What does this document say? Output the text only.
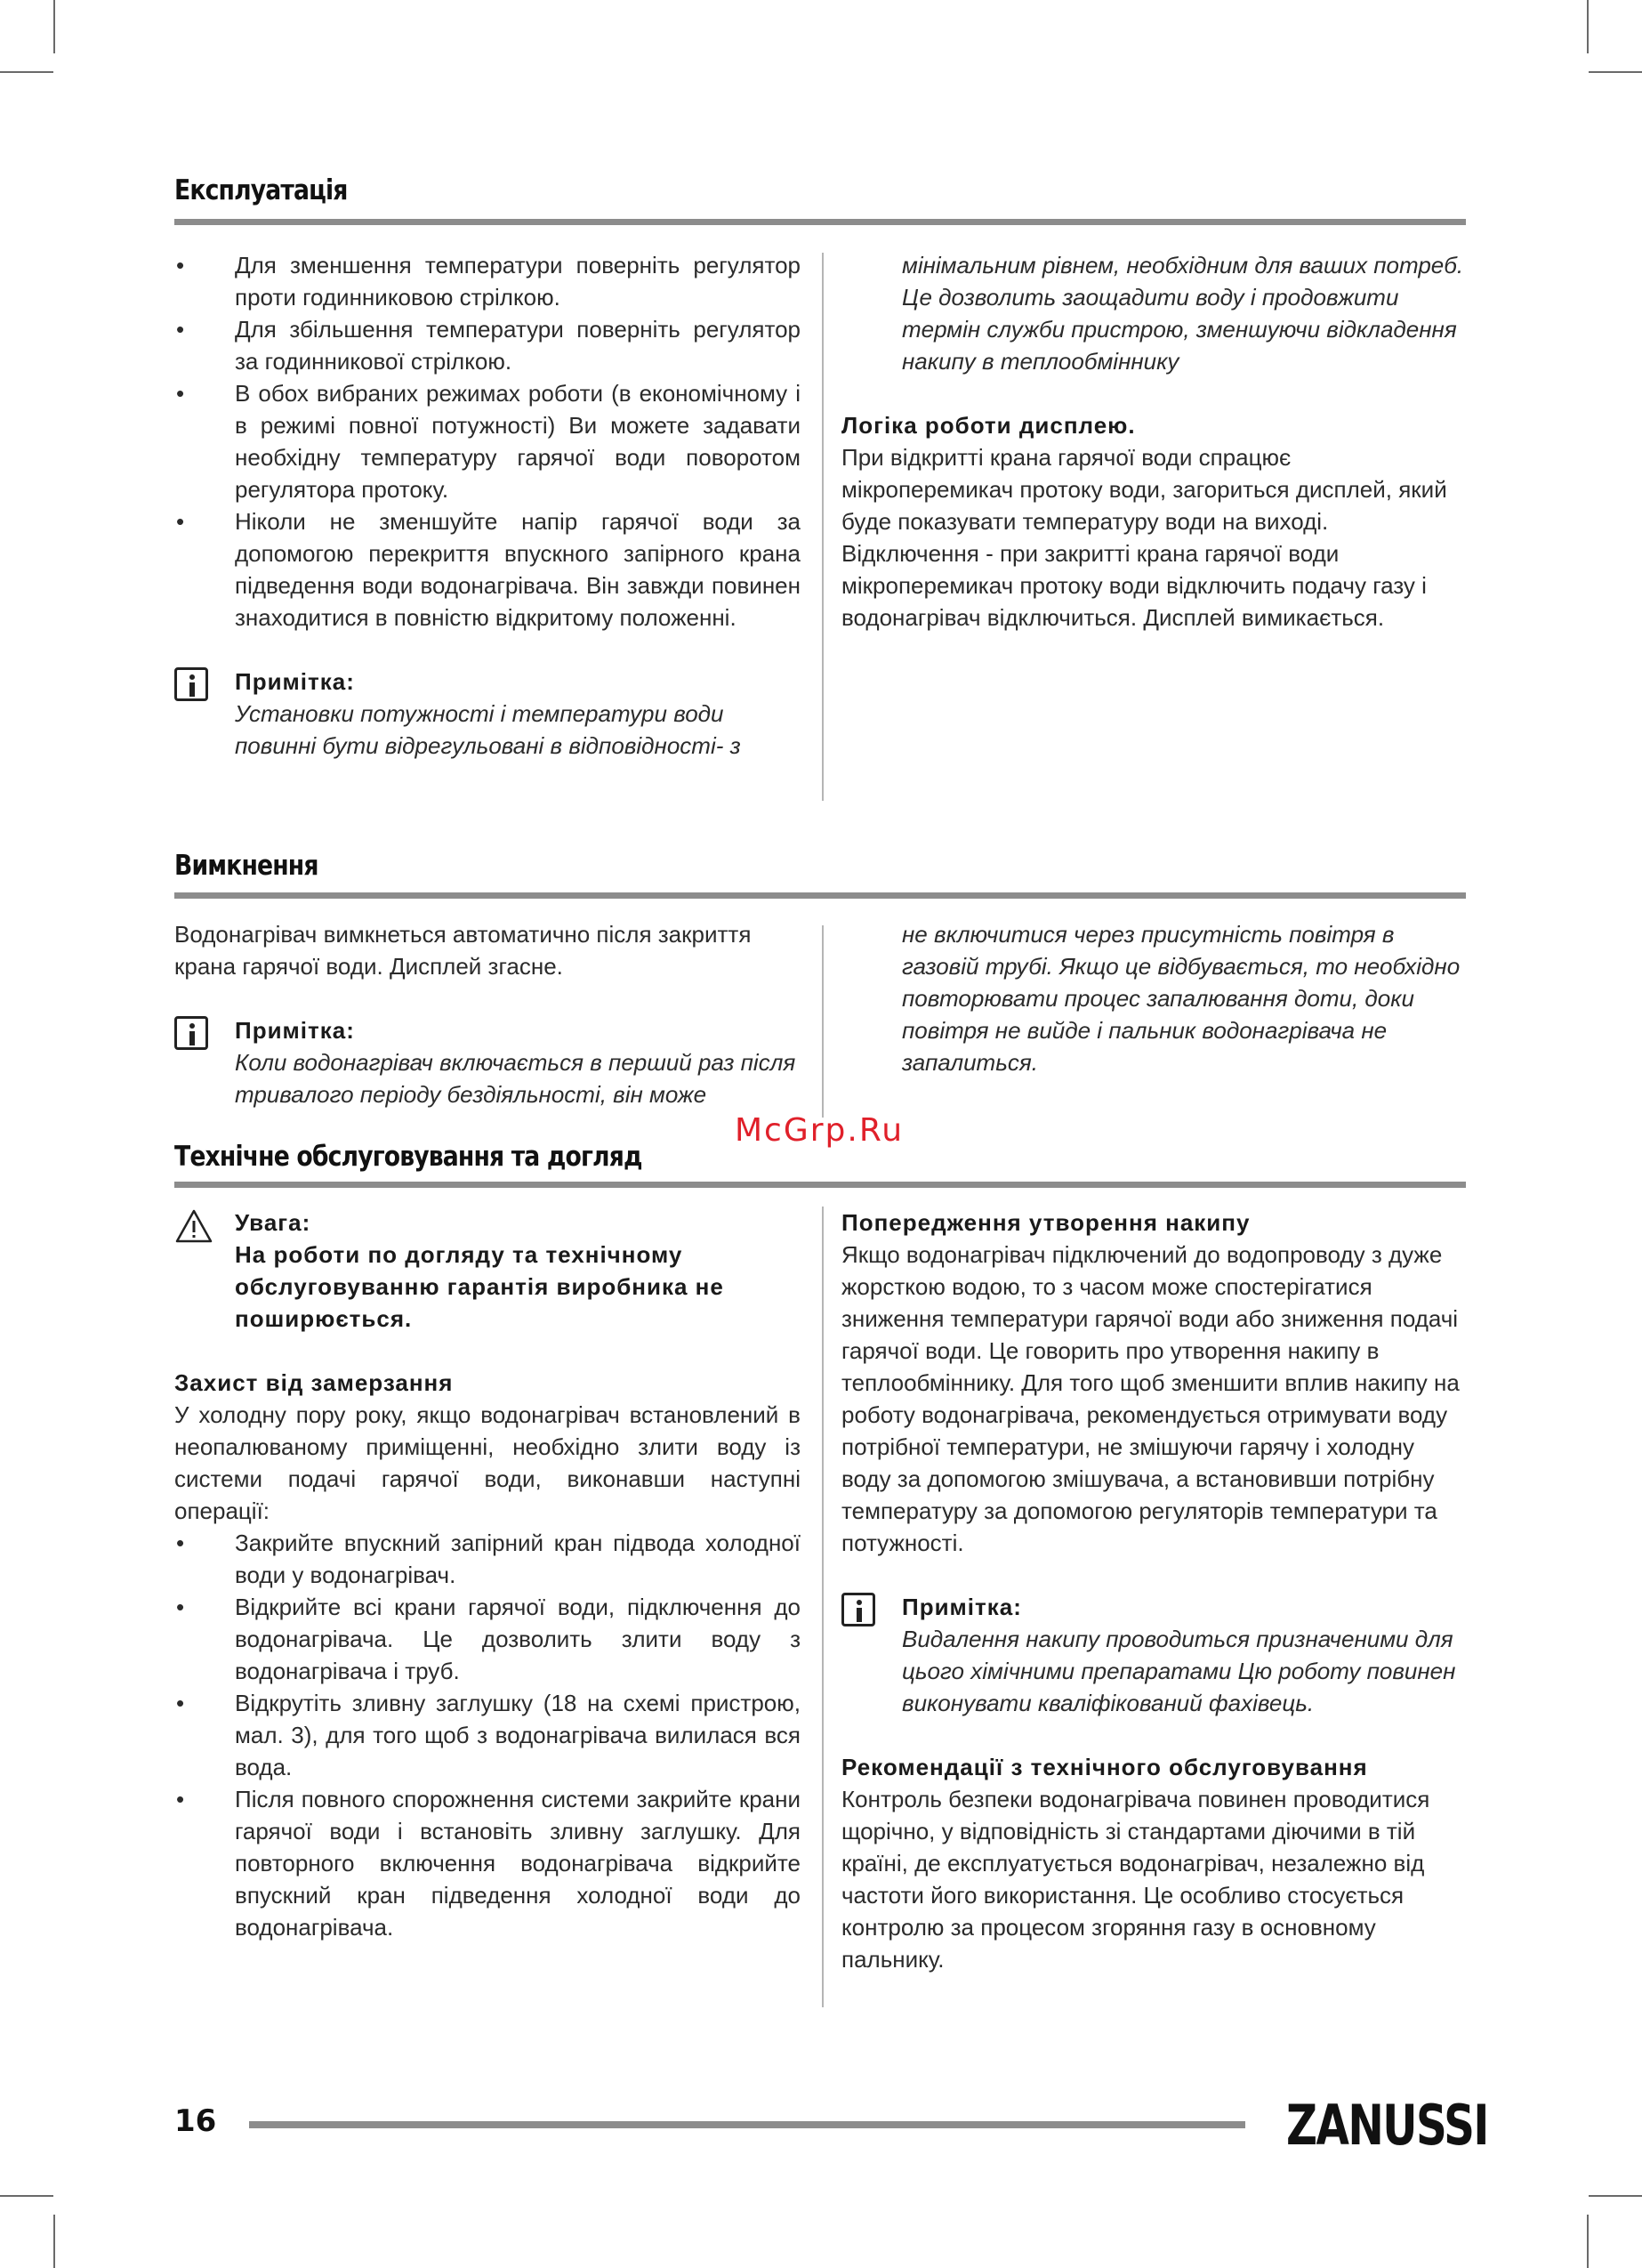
Експлуатація
• Для зменшення температури поверніть регулятор проти годинниковою стрілкою.
• Для збільшення температури поверніть регулятор за годинникової стрілкою.
• В обох вибраних режимах роботи (в економічному і в режимі повної потужності) Ви можете задавати необхідну температуру гарячої води поворотом регулятора протоку.
• Ніколи не зменшуйте напір гарячої води за допомогою перекриття впускного запірного крана підведення води водонагрівача. Він завжди повинен знаходитися в повністю відкритому положенні.
Примітка:
Установки потужності і температури води повинні бути відрегульовані в відповідності- з
мінімальним рівнем, необхідним для ваших потреб. Це дозволить заощадити воду і продовжити термін служби пристрою, зменшуючи відкладення накипу в теплообміннику
Логіка роботи дисплею.

При відкритті крана гарячої води спрацює мікроперемикач протоку води, загориться дисплей, який буде показувати температуру води на виході. Відключення - при закритті крана гарячої води мікроперемикач протоку води відключить подачу газу і водонагрівач відключиться. Дисплей вимикається.

Вимкнення

Водонагрівач вимкнеться автоматично після закриття крана гарячої води. Дисплей згасне.

Примітка:
Коли водонагрівач включається в перший раз після тривалого періоду бездіяльності, він може
не включитися через присутність повітря в газовій трубі. Якщо це відбувається, то необхідно повторювати процес запалювання доти, доки повітря не вийде і пальник водонагрівача не запалиться.
McGrp.Ru
Технічне обслуговування та догляд
Увага:
На роботи по догляду та технічному обслуговуванню гарантія виробника не поширюється.
Захист від замерзання

У холодну пору року, якщо водонагрівач встановлений в неопалюваному приміщенні, необхідно злити воду із системи подачі гарячої води, виконавши наступні операції:

• Закрийте впускний запірний кран підвода холодної води у водонагрівач.
• Відкрийте всі крани гарячої води, підключення до водонагрівача. Це дозволить злити воду з водонагрівача і труб.
• Відкрутіть зливну заглушку (18 на схемі пристрою, мал. 3), для того щоб з водонагрівача вилилася вся вода.
• Після повного спорожнення системи закрийте крани гарячої води і встановіть зливну заглушку. Для повторного включення водонагрівача відкрийте впускний кран підведення холодної води до водонагрівача.
Попередження утворення накипу

Якщо водонагрівач підключений до водопроводу з дуже жорсткою водою, то з часом може спостерігатися зниження температури гарячої води або зниження подачі гарячої води. Це говорить про утворення накипу в теплообміннику. Для того щоб зменшити вплив накипу на роботу водонагрівача, рекомендується отримувати воду потрібної температури, не змішуючи гарячу і холодну воду за допомогою змішувача, а встановивши потрібну температуру за допомогою регуляторів температури та потужності.

Примітка:
Видалення накипу проводиться призначеними для цього хімічними препаратами Цю роботу повинен виконувати кваліфікований фахівець.
Рекомендації з технічного обслуговування

Контроль безпеки водонагрівача повинен проводитися щорічно, у відповідність зі стандартами діючими в тій країні, де експлуатується водонагрівач, незалежно від частоти його використання. Це особливо стосується контролю за процесом згоряння газу в основному пальнику.

16	ZANUSSI
